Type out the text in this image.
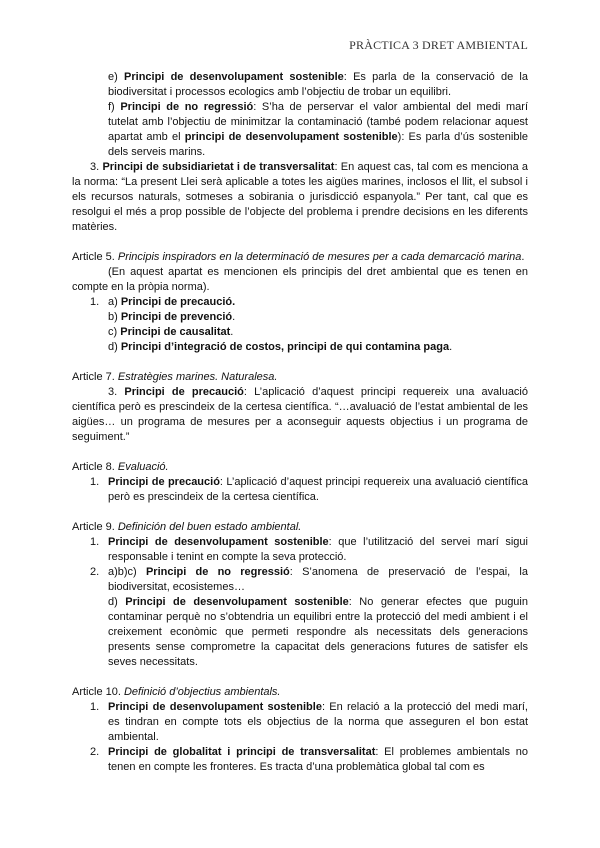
PRÀCTICA 3 DRET AMBIENTAL

e) Principi de desenvolupament sostenible: Es parla de la conservació de la biodiversitat i processos ecologics amb l’objectiu de trobar un equilibri.

f) Principi de no regressió: S’ha de perservar el valor ambiental del medi marí tutelat amb l’objectiu de minimitzar la contaminació (també podem relacionar aquest apartat amb el principi de desenvolupament sostenible): Es parla d’ús sostenible dels serveis marins.

3. Principi de subsidiarietat i de transversalitat: En aquest cas, tal com es menciona a la norma: “La present Llei serà aplicable a totes les aigües marines, inclosos el llit, el subsol i els recursos naturals, sotmeses a sobirania o jurisdicció espanyola.” Per tant, cal que es resolgui el més a prop possible de l’objecte del problema i prendre decisions en les diferents matèries.

Article 5. Principis inspiradors en la determinació de mesures per a cada demarcació marina.

(En aquest apartat es mencionen els principis del dret ambiental que es tenen en compte en la pròpia norma).

1. a) Principi de precaució.
b) Principi de prevenció.
c) Principi de causalitat.
d) Principi d’integració de costos, principi de qui contamina paga.

Article 7. Estratègies marines. Naturalesa.

3. Principi de precaució: L’aplicació d’aquest principi requereix una avaluació científica però es prescindeix de la certesa científica. “…avaluació de l’estat ambiental de les aigües… un programa de mesures per a aconseguir aquests objectius i un programa de seguiment.”

Article 8. Evaluació.

1. Principi de precaució: L’aplicació d’aquest principi requereix una avaluació científica però es prescindeix de la certesa científica.

Article 9. Definición del buen estado ambiental.

1. Principi de desenvolupament sostenible: que l’utilització del servei marí sigui responsable i tenint en compte la seva protecció.
2. a)b)c) Principi de no regressió: S’anomena de preservació de l’espai, la biodiversitat, ecosistemes…

d) Principi de desenvolupament sostenible: No generar efectes que puguin contaminar perquè no s’obtendria un equilibri entre la protecció del medi ambient i el creixement econòmic que permeti respondre als necessitats dels generacions presents sense comprometre la capacitat dels generacions futures de satisfer els seves necessitats.

Article 10. Definició d’objectius ambientals.

1. Principi de desenvolupament sostenible: En relació a la protecció del medi marí, es tindran en compte tots els objectius de la norma que asseguren el bon estat ambiental.
2. Principi de globalitat i principi de transversalitat: El problemes ambientals no tenen en compte les fronteres. Es tracta d’una problemàtica global tal com es
